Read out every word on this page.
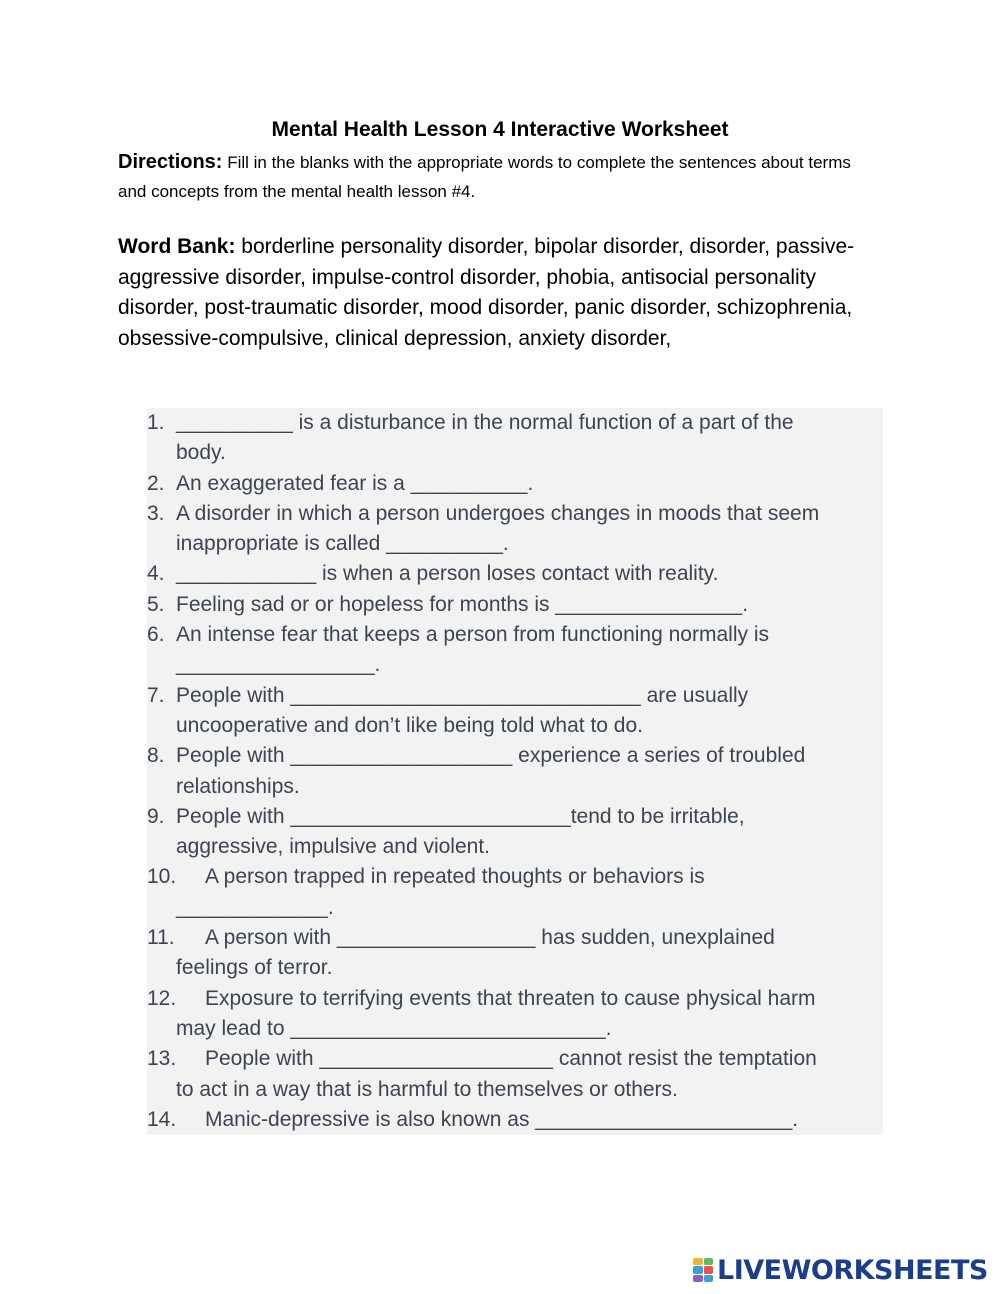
Mental Health Lesson 4 Interactive Worksheet
Directions: Fill in the blanks with the appropriate words to complete the sentences about terms and concepts from the mental health lesson #4.
Word Bank: borderline personality disorder, bipolar disorder, disorder, passive-aggressive disorder, impulse-control disorder, phobia, antisocial personality disorder, post-traumatic disorder, mood disorder, panic disorder, schizophrenia, obsessive-compulsive, clinical depression, anxiety disorder,
1. __________ is a disturbance in the normal function of a part of the
body.
2. An exaggerated fear is a __________.
3. A disorder in which a person undergoes changes in moods that seem
inappropriate is called __________.
4. ____________ is when a person loses contact with reality.
5. Feeling sad or or hopeless for months is ________________.
6. An intense fear that keeps a person from functioning normally is
_________________.
7. People with ______________________________ are usually
uncooperative and don’t like being told what to do.
8. People with ___________________ experience a series of troubled
relationships.
9. People with ________________________tend to be irritable,
aggressive, impulsive and violent.
10.	A person trapped in repeated thoughts or behaviors is
_____________.
11.	A person with _________________ has sudden, unexplained
feelings of terror.
12.	Exposure to terrifying events that threaten to cause physical harm
may lead to ___________________________.
13.	People with ____________________ cannot resist the temptation
to act in a way that is harmful to themselves or others.
14.	Manic-depressive is also known as ______________________.
LIVEWORKSHEETS
